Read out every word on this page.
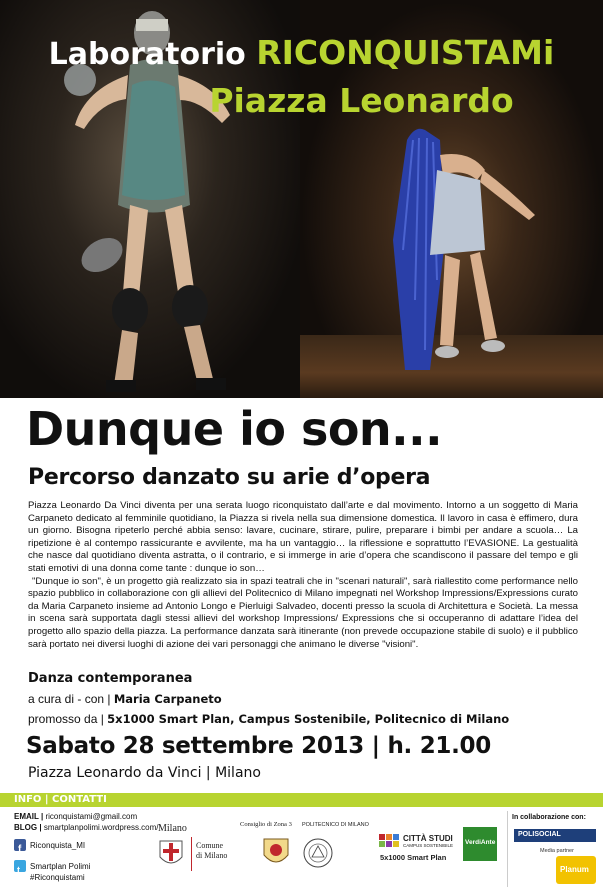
Laboratorio RICONQUISTAMi
Piazza Leonardo
Dunque io son...
Percorso danzato su arie d’opera

Piazza Leonardo Da Vinci diventa per una serata luogo riconquistato dall’arte e dal movimento. Intorno a un soggetto di Maria Carpaneto dedicato al femminile quotidiano, la Piazza si rivela nella sua dimensione domestica. Il lavoro in casa è effimero, dura un giorno. Bisogna ripeterlo perché abbia senso: lavare, cucinare, stirare, pulire, preparare i bimbi per andare a scuola… La ripetizione è al contempo rassicurante e avvilente, ma ha un vantaggio… la riflessione e soprattutto l’EVASIONE. La gestualità che nasce dal quotidiano diventa astratta, o il contrario, e si immerge in arie d’opera che scandiscono il passare del tempo e gli stati emotivi di una donna come tante : dunque io son…

"Dunque io son", è un progetto già realizzato sia in spazi teatrali che in "scenari naturali", sarà riallestito come performance nello spazio pubblico in collaborazione con gli allievi del Politecnico di Milano impegnati nel Workshop Impressions/Expressions curato da Maria Carpaneto insieme ad Antonio Longo e Pierluigi Salvadeo, docenti presso la scuola di Architettura e Società. La messa in scena sarà supportata dagli stessi allievi del workshop Impressions/ Expressions che si occuperanno di adattare l’idea del progetto allo spazio della piazza. La performance danzata sarà itinerante (non prevede occupazione stabile di suolo) e il pubblico sarà portato nei diversi luoghi di azione dei vari personaggi che animano le diverse "visioni".

Danza contemporanea
a cura di - con | Maria Carpaneto
promosso da | 5x1000 Smart Plan, Campus Sostenibile, Politecnico di Milano
Sabato 28 settembre 2013 | h. 21.00
Piazza Leonardo da Vinci | Milano
INFO | CONTATTI
EMAIL | riconquistami@gmail.com
BLOG | smartplanpolimi.wordpress.com/
f Riconquista_MI
t Smartplan Polimi
#Riconquistami
Milano
Comune
di Milano
Consiglio di Zona 3 POLITECNICO DI MILANO
CITTÀ STUDI
CAMPUS SOSTENIBILE
5x1000 Smart Plan
VerdiAnte
In collaborazione con:
POLISOCIAL
Media partner
Planum
